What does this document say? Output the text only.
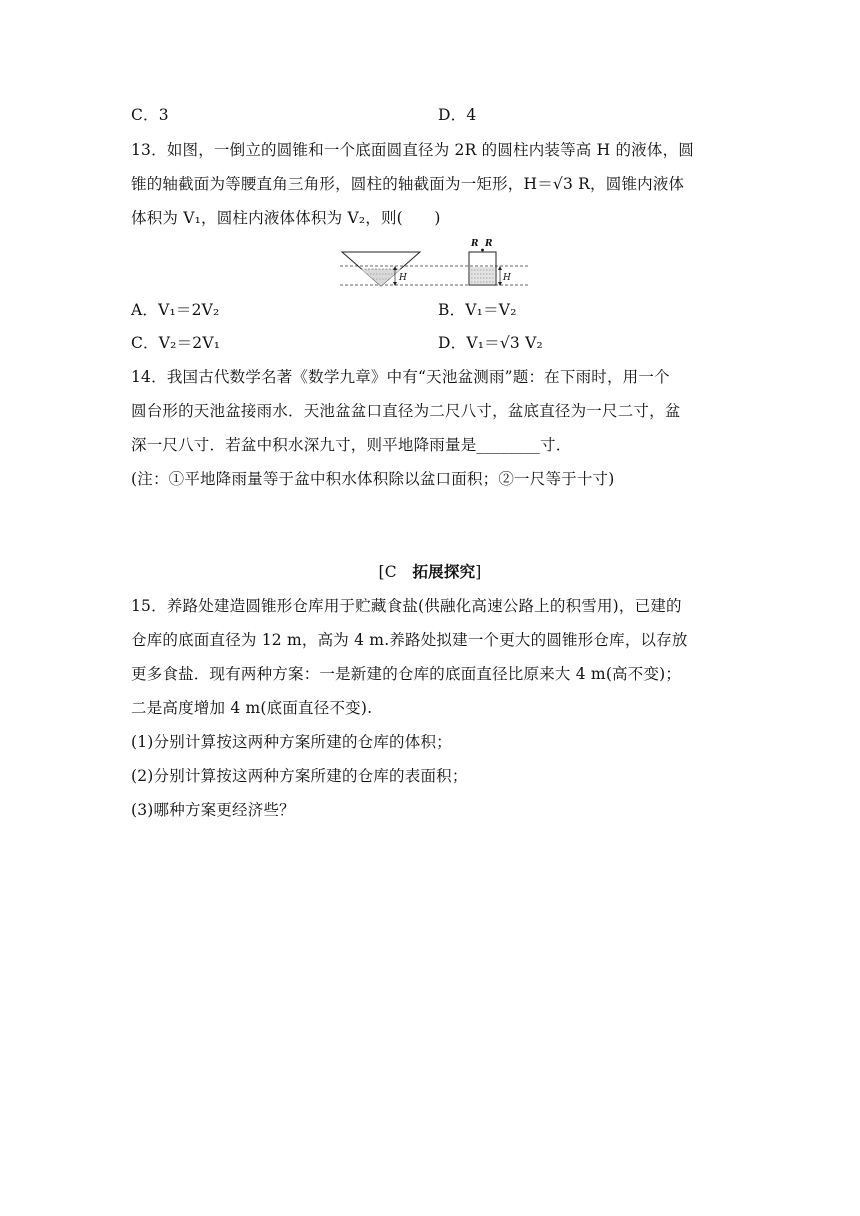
C．3	D．4
13．如图，一倒立的圆锥和一个底面圆直径为 2R 的圆柱内装等高 H 的液体，圆
锥的轴截面为等腰直角三角形，圆柱的轴截面为一矩形，H＝√3 R，圆锥内液体
体积为 V₁，圆柱内液体体积为 V₂，则(　　)
H
R R
H
A．V₁＝2V₂	B．V₁＝V₂
C．V₂＝2V₁	D．V₁＝√3 V₂
14．我国古代数学名著《数学九章》中有“天池盆测雨”题：在下雨时，用一个
圆台形的天池盆接雨水．天池盆盆口直径为二尺八寸，盆底直径为一尺二寸，盆
深一尺八寸．若盆中积水深九寸，则平地降雨量是________寸．
(注：①平地降雨量等于盆中积水体积除以盆口面积；②一尺等于十寸)
[C　拓展探究]
15．养路处建造圆锥形仓库用于贮藏食盐(供融化高速公路上的积雪用)，已建的
仓库的底面直径为 12 m，高为 4 m.养路处拟建一个更大的圆锥形仓库，以存放
更多食盐．现有两种方案：一是新建的仓库的底面直径比原来大 4 m(高不变)；
二是高度增加 4 m(底面直径不变).
(1)分别计算按这两种方案所建的仓库的体积；
(2)分别计算按这两种方案所建的仓库的表面积；
(3)哪种方案更经济些？
